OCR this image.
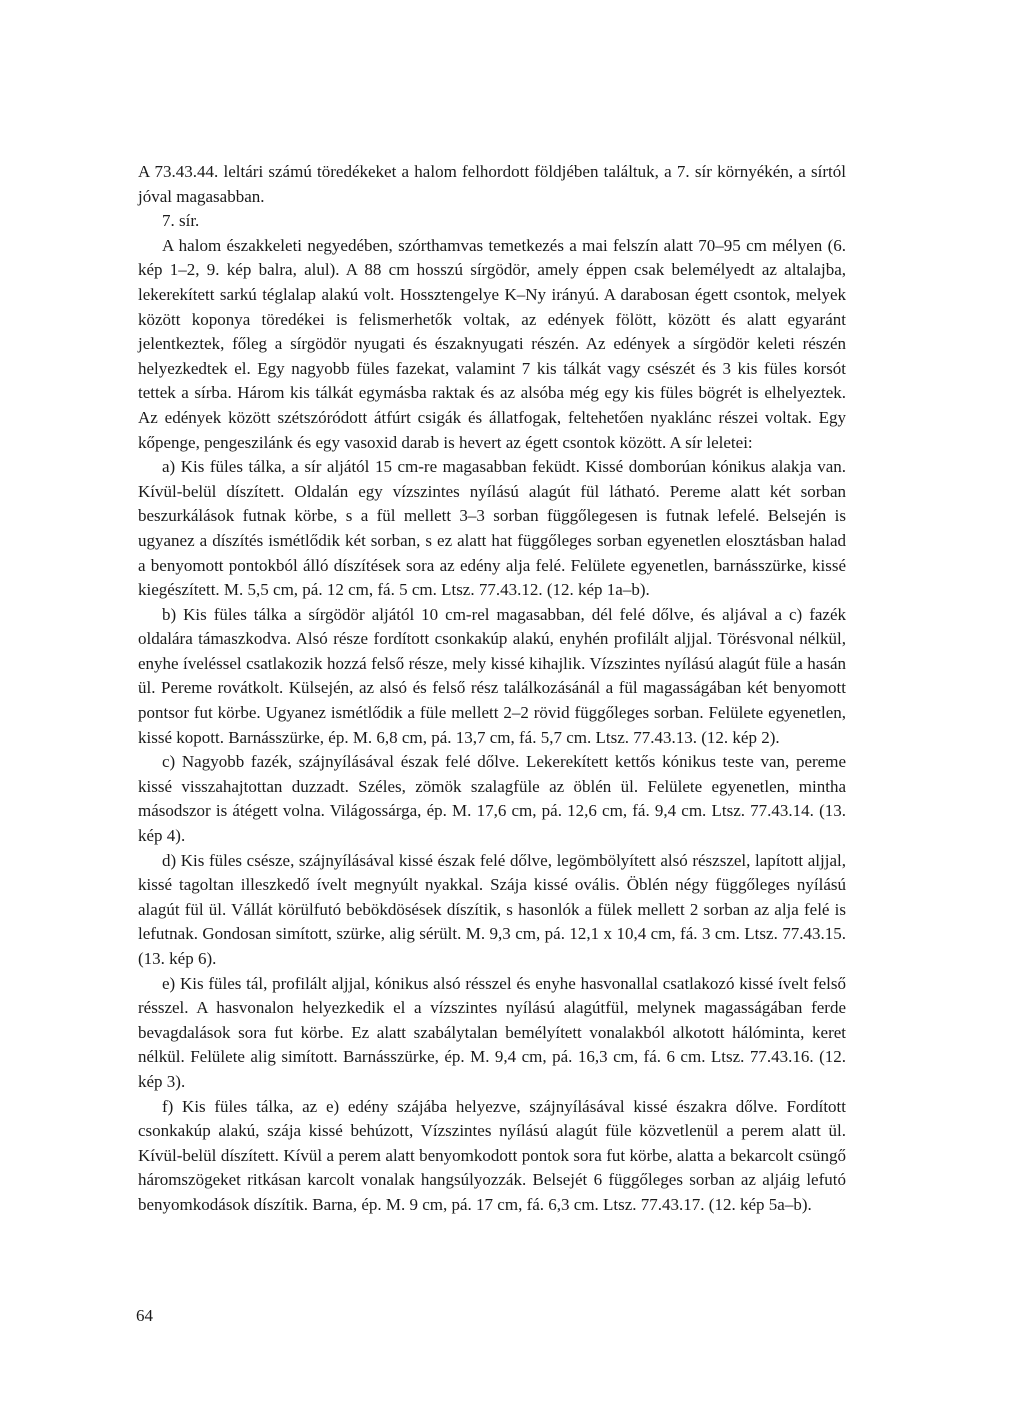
A 73.43.44. leltári számú töredékeket a halom felhordott földjében találtuk, a 7. sír környékén, a sírtól jóval magasabban.

7. sír.

A halom északkeleti negyedében, szórthamvas temetkezés a mai felszín alatt 70–95 cm mélyen (6. kép 1–2, 9. kép balra, alul). A 88 cm hosszú sírgödör, amely éppen csak belemélyedt az altalajba, lekerekített sarkú téglalap alakú volt. Hossztengelye K–Ny irányú. A darabosan égett csontok, melyek között koponya töredékei is felismerhetők voltak, az edények fölött, között és alatt egyaránt jelentkeztek, főleg a sírgödör nyugati és északnyugati részén. Az edények a sírgödör keleti részén helyezkedtek el. Egy nagyobb füles fazekat, valamint 7 kis tálkát vagy csészét és 3 kis füles korsót tettek a sírba. Három kis tálkát egymásba raktak és az alsóba még egy kis füles bögrét is elhelyeztek. Az edények között szétszóródott átfúrt csigák és állatfogak, feltehetően nyaklánc részei voltak. Egy kőpenge, pengeszilánk és egy vasoxid darab is hevert az égett csontok között. A sír leletei:

a) Kis füles tálka, a sír aljától 15 cm-re magasabban feküdt. Kissé domborúan kónikus alakja van. Kívül-belül díszített. Oldalán egy vízszintes nyílású alagút fül látható. Pereme alatt két sorban beszurkálások futnak körbe, s a fül mellett 3–3 sorban függőlegesen is futnak lefelé. Belsején is ugyanez a díszítés ismétlődik két sorban, s ez alatt hat függőleges sorban egyenetlen elosztásban halad a benyomott pontokból álló díszítések sora az edény alja felé. Felülete egyenetlen, barnásszürke, kissé kiegészített. M. 5,5 cm, pá. 12 cm, fá. 5 cm. Ltsz. 77.43.12. (12. kép 1a–b).

b) Kis füles tálka a sírgödör aljától 10 cm-rel magasabban, dél felé dőlve, és aljával a c) fazék oldalára támaszkodva. Alsó része fordított csonkakúp alakú, enyhén profilált aljjal. Törésvonal nélkül, enyhe íveléssel csatlakozik hozzá felső része, mely kissé kihajlik. Vízszintes nyílású alagút füle a hasán ül. Pereme rovátkolt. Külsején, az alsó és felső rész találkozásánál a fül magasságában két benyomott pontsor fut körbe. Ugyanez ismétlődik a füle mellett 2–2 rövid függőleges sorban. Felülete egyenetlen, kissé kopott. Barnásszürke, ép. M. 6,8 cm, pá. 13,7 cm, fá. 5,7 cm. Ltsz. 77.43.13. (12. kép 2).

c) Nagyobb fazék, szájnyílásával észak felé dőlve. Lekerekített kettős kónikus teste van, pereme kissé visszahajtottan duzzadt. Széles, zömök szalagfüle az öblén ül. Felülete egyenetlen, mintha másodszor is átégett volna. Világossárga, ép. M. 17,6 cm, pá. 12,6 cm, fá. 9,4 cm. Ltsz. 77.43.14. (13. kép 4).

d) Kis füles csésze, szájnyílásával kissé észak felé dőlve, legömbölyített alsó részszel, lapított aljjal, kissé tagoltan illeszkedő ívelt megnyúlt nyakkal. Szája kissé ovális. Öblén négy függőleges nyílású alagút fül ül. Vállát körülfutó bebökdösések díszítik, s hasonlók a fülek mellett 2 sorban az alja felé is lefutnak. Gondosan simított, szürke, alig sérült. M. 9,3 cm, pá. 12,1 x 10,4 cm, fá. 3 cm. Ltsz. 77.43.15. (13. kép 6).

e) Kis füles tál, profilált aljjal, kónikus alsó résszel és enyhe hasvonallal csatlakozó kissé ívelt felső résszel. A hasvonalon helyezkedik el a vízszintes nyílású alagútfül, melynek magasságában ferde bevagdalások sora fut körbe. Ez alatt szabálytalan bemélyített vonalakból alkotott hálóminta, keret nélkül. Felülete alig simított. Barnásszürke, ép. M. 9,4 cm, pá. 16,3 cm, fá. 6 cm. Ltsz. 77.43.16. (12. kép 3).

f) Kis füles tálka, az e) edény szájába helyezve, szájnyílásával kissé északra dőlve. Fordított csonkakúp alakú, szája kissé behúzott, Vízszintes nyílású alagút füle közvetlenül a perem alatt ül. Kívül-belül díszített. Kívül a perem alatt benyomkodott pontok sora fut körbe, alatta a bekarcolt csüngő háromszögeket ritkásan karcolt vonalak hangsúlyozzák. Belsejét 6 függőleges sorban az aljáig lefutó benyomkodások díszítik. Barna, ép. M. 9 cm, pá. 17 cm, fá. 6,3 cm. Ltsz. 77.43.17. (12. kép 5a–b).

64
